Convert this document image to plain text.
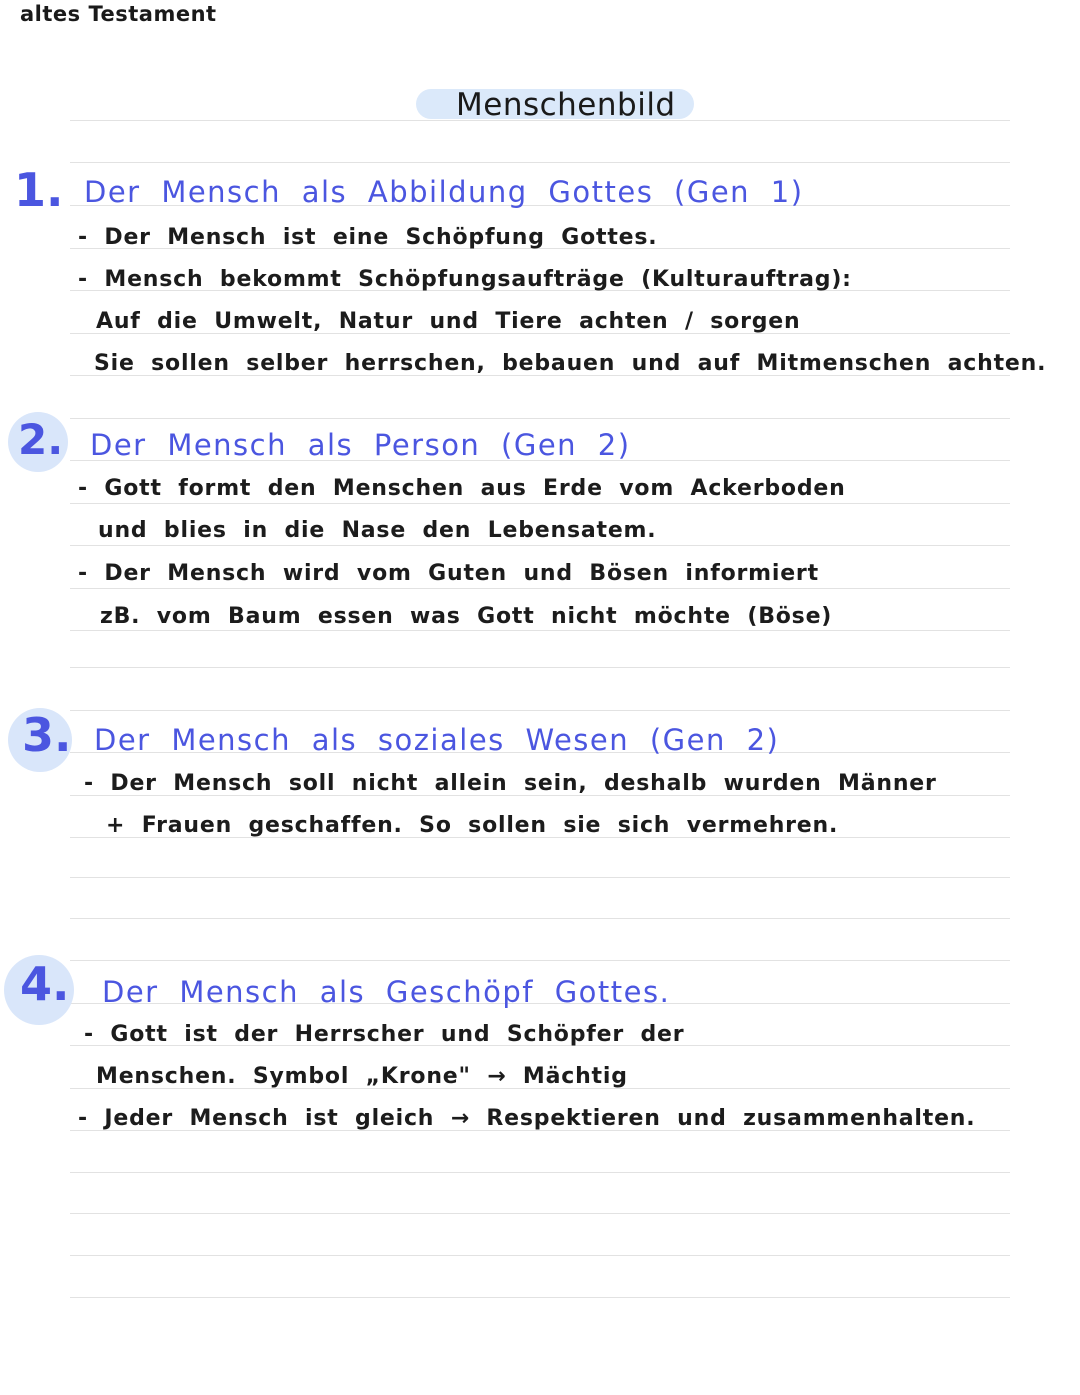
altes Testament
Menschenbild
1. Der Mensch als Abbildung Gottes (Gen 1)
- Der Mensch ist eine Schöpfung Gottes.
- Mensch bekommt Schöpfungsaufträge (Kulturauftrag):
Auf die Umwelt, Natur und Tiere achten / sorgen
Sie sollen selber herrschen, bebauen und auf Mitmenschen achten.
2. Der Mensch als Person (Gen 2)
- Gott formt den Menschen aus Erde vom Ackerboden
und blies in die Nase den Lebensatem.
- Der Mensch wird vom Guten und Bösen informiert
zB. vom Baum essen was Gott nicht möchte (Böse)
3. Der Mensch als soziales Wesen (Gen 2)
- Der Mensch soll nicht allein sein, deshalb wurden Männer
+ Frauen geschaffen. So sollen sie sich vermehren.
4. Der Mensch als Geschöpf Gottes.
- Gott ist der Herrscher und Schöpfer der
Menschen. Symbol „Krone" → Mächtig
- Jeder Mensch ist gleich → Respektieren und zusammenhalten.
